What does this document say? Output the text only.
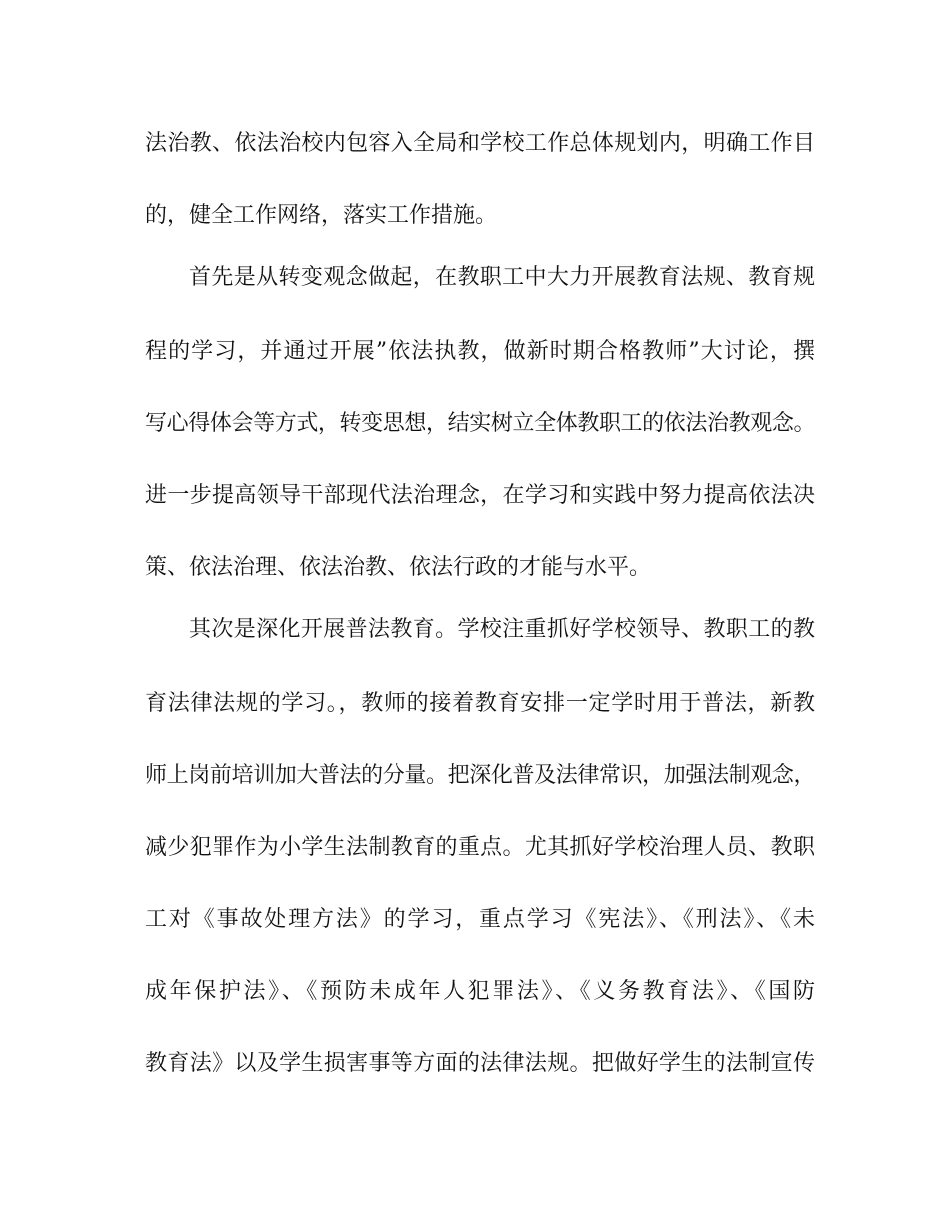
法治教、依法治校内包容入全局和学校工作总体规划内，明确工作目
的，健全工作网络，落实工作措施。
首先是从转变观念做起，在教职工中大力开展教育法规、教育规
程的学习，并通过开展”依法执教，做新时期合格教师”大讨论，撰
写心得体会等方式，转变思想，结实树立全体教职工的依法治教观念。
进一步提高领导干部现代法治理念，在学习和实践中努力提高依法决
策、依法治理、依法治教、依法行政的才能与水平。
其次是深化开展普法教育。学校注重抓好学校领导、教职工的教
育法律法规的学习。，教师的接着教育安排一定学时用于普法，新教
师上岗前培训加大普法的分量。把深化普及法律常识，加强法制观念，
减少犯罪作为小学生法制教育的重点。尤其抓好学校治理人员、教职
工对《事故处理方法》的学习，重点学习《宪法》、《刑法》、《未
成年保护法》、《预防未成年人犯罪法》、《义务教育法》、《国防
教育法》以及学生损害事等方面的法律法规。把做好学生的法制宣传
